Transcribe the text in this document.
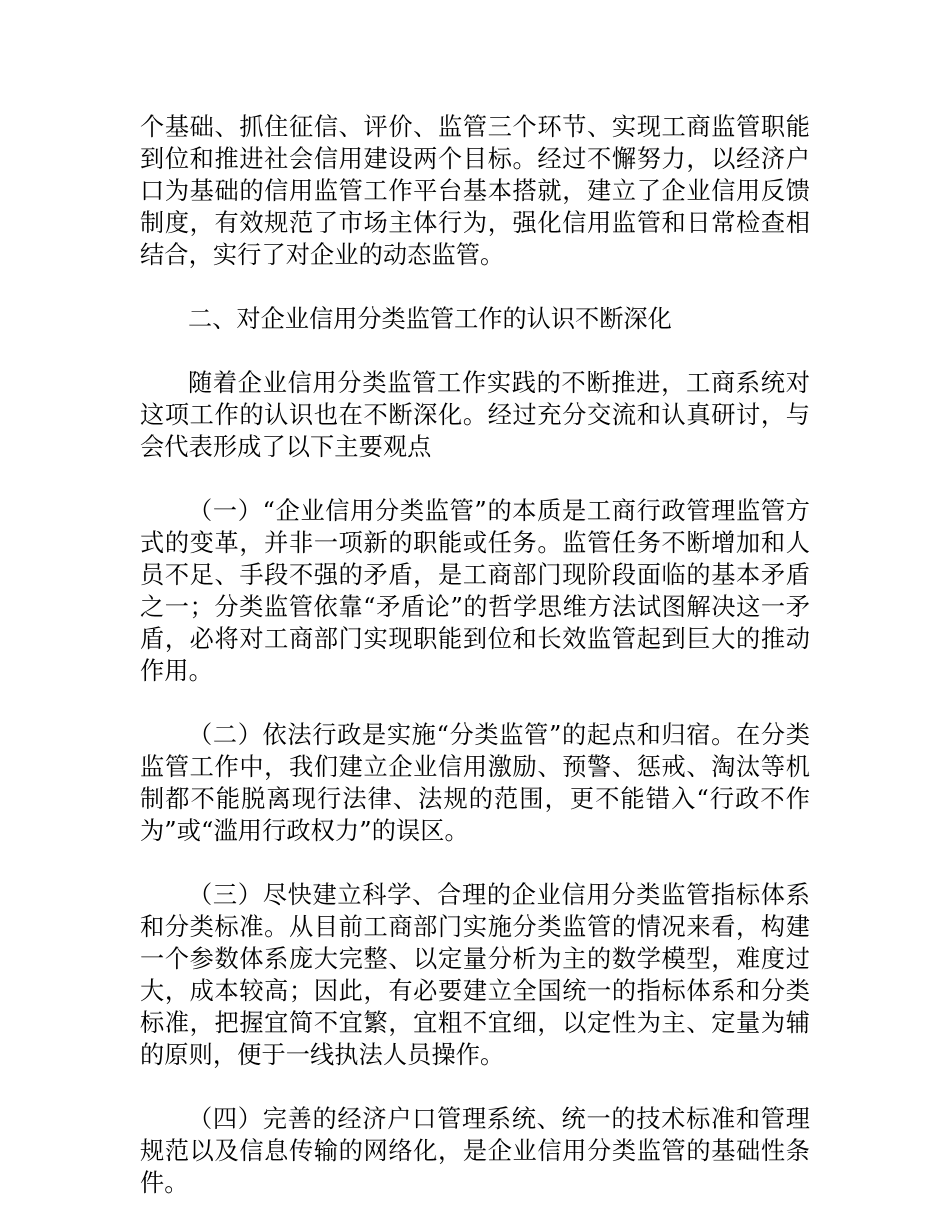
个基础、抓住征信、评价、监管三个环节、实现工商监管职能到位和推进社会信用建设两个目标。经过不懈努力，以经济户口为基础的信用监管工作平台基本搭就，建立了企业信用反馈制度，有效规范了市场主体行为，强化信用监管和日常检查相结合，实行了对企业的动态监管。

二、对企业信用分类监管工作的认识不断深化

随着企业信用分类监管工作实践的不断推进，工商系统对这项工作的认识也在不断深化。经过充分交流和认真研讨，与会代表形成了以下主要观点

（一）“企业信用分类监管”的本质是工商行政管理监管方式的变革，并非一项新的职能或任务。监管任务不断增加和人员不足、手段不强的矛盾，是工商部门现阶段面临的基本矛盾之一；分类监管依靠“矛盾论”的哲学思维方法试图解决这一矛盾，必将对工商部门实现职能到位和长效监管起到巨大的推动作用。

（二）依法行政是实施“分类监管”的起点和归宿。在分类监管工作中，我们建立企业信用激励、预警、惩戒、淘汰等机制都不能脱离现行法律、法规的范围，更不能错入“行政不作为”或“滥用行政权力”的误区。

（三）尽快建立科学、合理的企业信用分类监管指标体系和分类标准。从目前工商部门实施分类监管的情况来看，构建一个参数体系庞大完整、以定量分析为主的数学模型，难度过大，成本较高；因此，有必要建立全国统一的指标体系和分类标准，把握宜简不宜繁，宜粗不宜细，以定性为主、定量为辅的原则，便于一线执法人员操作。

（四）完善的经济户口管理系统、统一的技术标准和管理规范以及信息传输的网络化，是企业信用分类监管的基础性条件。
